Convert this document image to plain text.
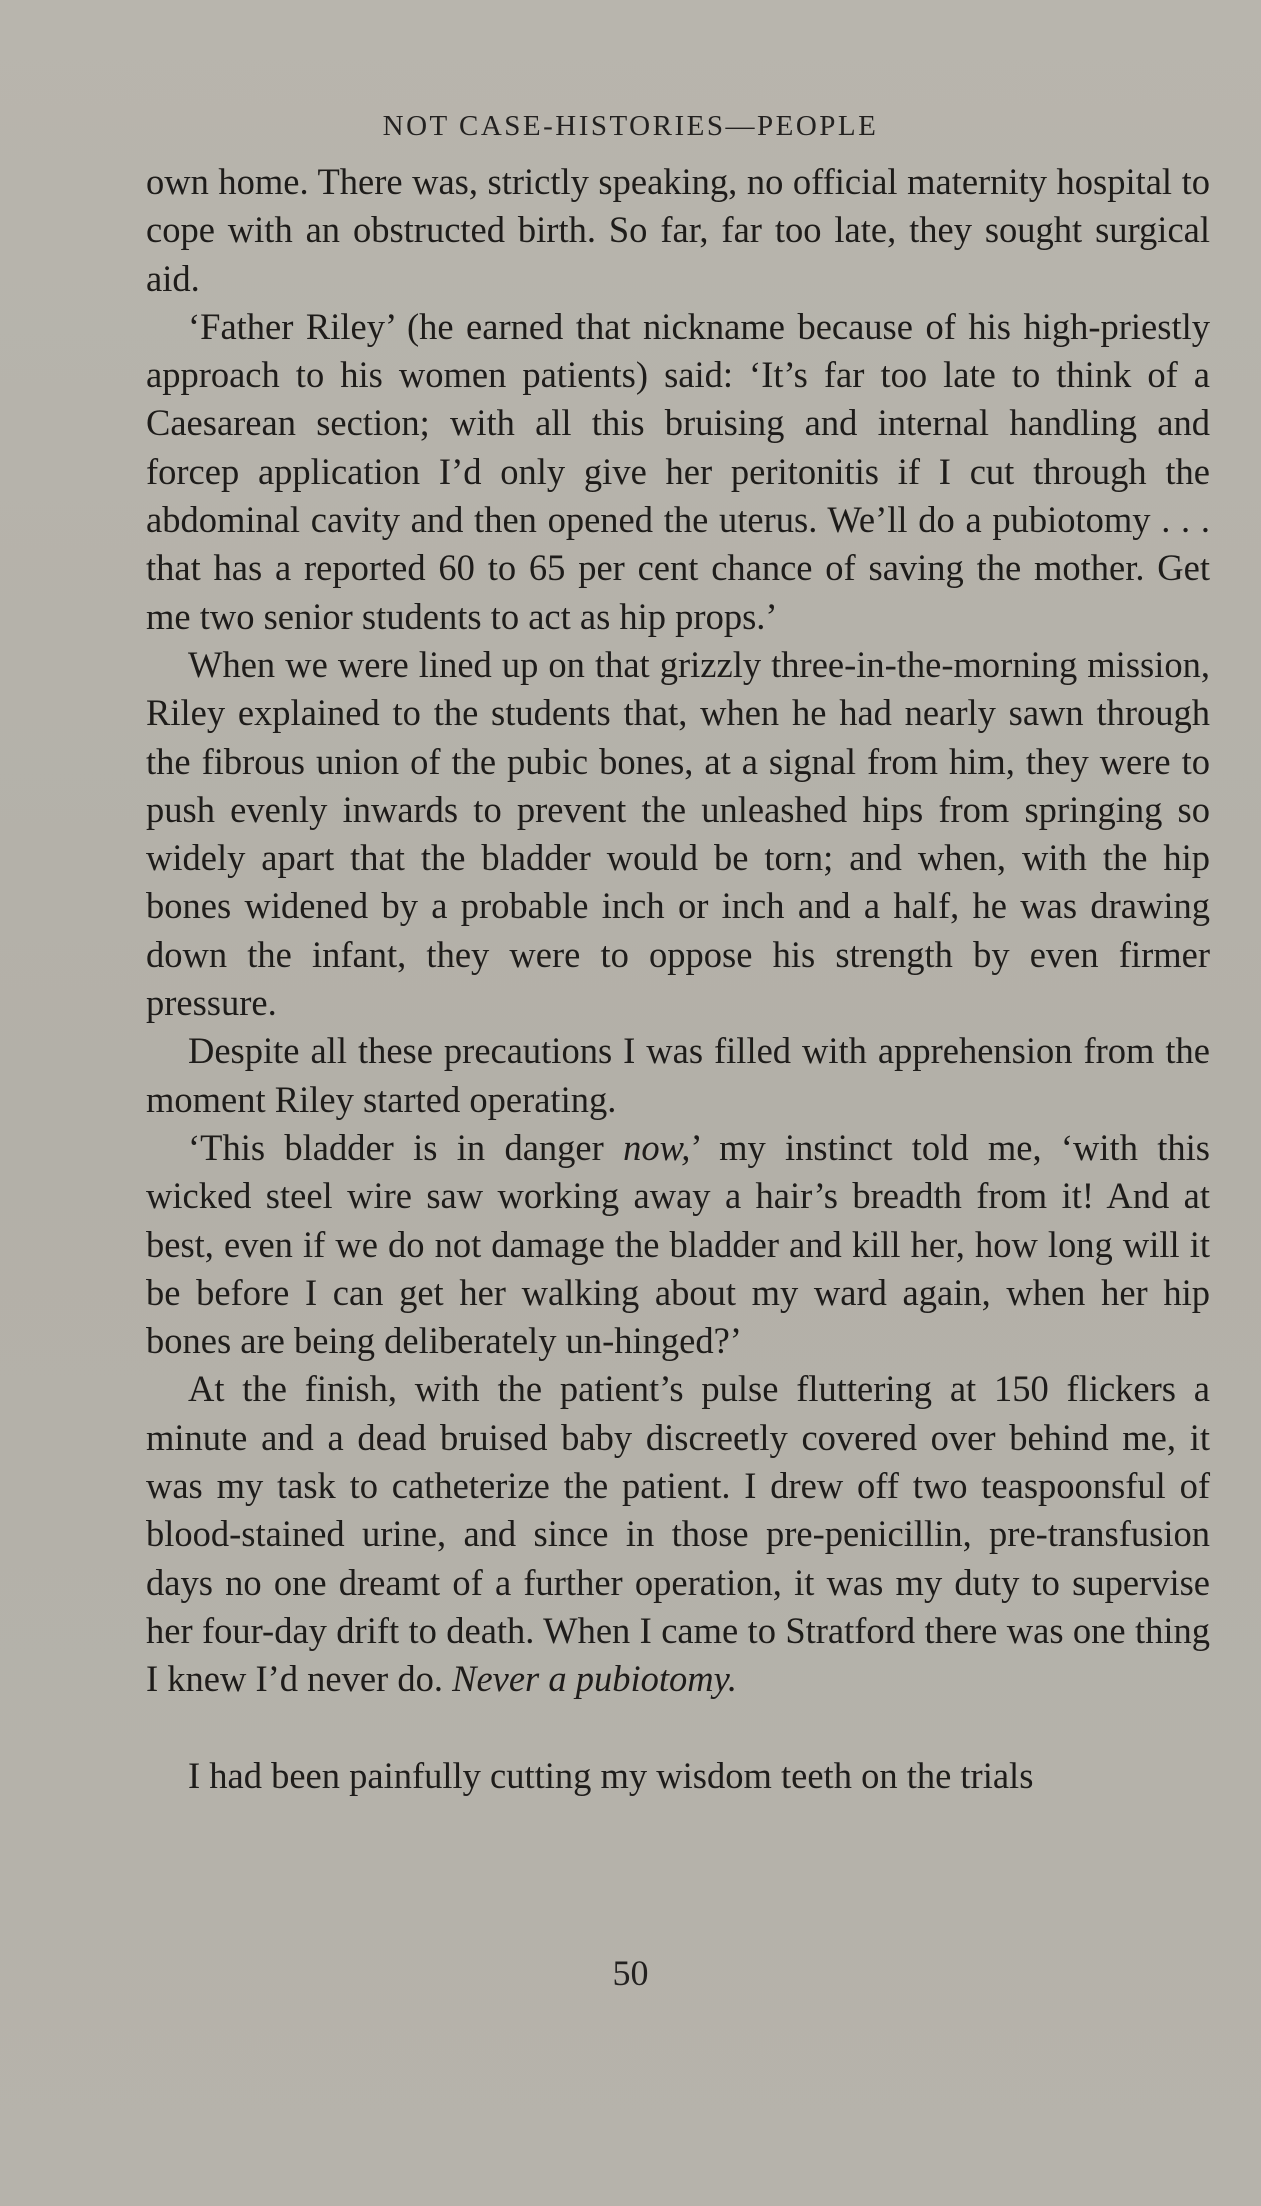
NOT CASE-HISTORIES—PEOPLE

own home. There was, strictly speaking, no official maternity hospital to cope with an obstructed birth. So far, far too late, they sought surgical aid.

‘Father Riley’ (he earned that nickname because of his high-priestly approach to his women patients) said: ‘It’s far too late to think of a Caesarean section; with all this bruising and internal handling and forcep application I’d only give her peritonitis if I cut through the abdominal cavity and then opened the uterus. We’ll do a pubiotomy . . . that has a reported 60 to 65 per cent chance of saving the mother. Get me two senior students to act as hip props.’

When we were lined up on that grizzly three-in-the-morning mission, Riley explained to the students that, when he had nearly sawn through the fibrous union of the pubic bones, at a signal from him, they were to push evenly inwards to prevent the unleashed hips from springing so widely apart that the bladder would be torn; and when, with the hip bones widened by a probable inch or inch and a half, he was drawing down the infant, they were to oppose his strength by even firmer pressure.

Despite all these precautions I was filled with apprehension from the moment Riley started operating.

‘This bladder is in danger now,’ my instinct told me, ‘with this wicked steel wire saw working away a hair’s breadth from it! And at best, even if we do not damage the bladder and kill her, how long will it be before I can get her walking about my ward again, when her hip bones are being deliberately un-hinged?’

At the finish, with the patient’s pulse fluttering at 150 flickers a minute and a dead bruised baby discreetly covered over behind me, it was my task to catheterize the patient. I drew off two teaspoonsful of blood-stained urine, and since in those pre-penicillin, pre-transfusion days no one dreamt of a further operation, it was my duty to supervise her four-day drift to death. When I came to Stratford there was one thing I knew I’d never do. Never a pubiotomy.

I had been painfully cutting my wisdom teeth on the trials

50
